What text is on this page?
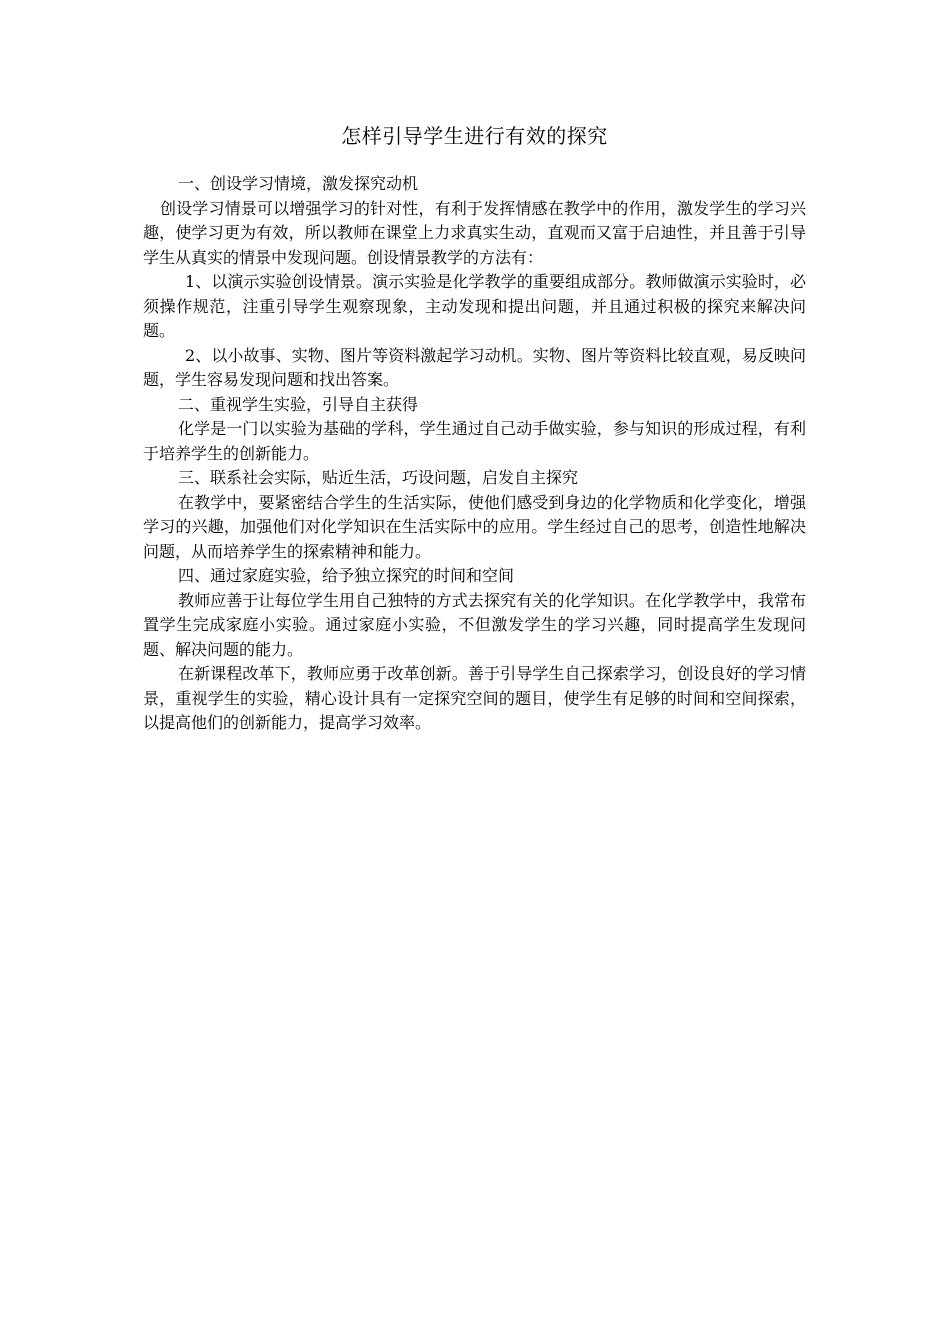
怎样引导学生进行有效的探究

一、创设学习情境，激发探究动机

创设学习情景可以增强学习的针对性，有利于发挥情感在教学中的作用，激发学生的学习兴趣，使学习更为有效，所以教师在课堂上力求真实生动，直观而又富于启迪性，并且善于引导学生从真实的情景中发现问题。创设情景教学的方法有：

1、以演示实验创设情景。演示实验是化学教学的重要组成部分。教师做演示实验时，必须操作规范，注重引导学生观察现象，主动发现和提出问题，并且通过积极的探究来解决问题。

2、以小故事、实物、图片等资料激起学习动机。实物、图片等资料比较直观，易反映问题，学生容易发现问题和找出答案。

二、重视学生实验，引导自主获得

化学是一门以实验为基础的学科，学生通过自己动手做实验，参与知识的形成过程，有利于培养学生的创新能力。

三、联系社会实际，贴近生活，巧设问题，启发自主探究

在教学中，要紧密结合学生的生活实际，使他们感受到身边的化学物质和化学变化，增强学习的兴趣，加强他们对化学知识在生活实际中的应用。学生经过自己的思考，创造性地解决问题，从而培养学生的探索精神和能力。

四、通过家庭实验，给予独立探究的时间和空间

教师应善于让每位学生用自己独特的方式去探究有关的化学知识。在化学教学中，我常布置学生完成家庭小实验。通过家庭小实验，不但激发学生的学习兴趣，同时提高学生发现问题、解决问题的能力。

在新课程改革下，教师应勇于改革创新。善于引导学生自己探索学习，创设良好的学习情景，重视学生的实验，精心设计具有一定探究空间的题目，使学生有足够的时间和空间探索，以提高他们的创新能力，提高学习效率。
